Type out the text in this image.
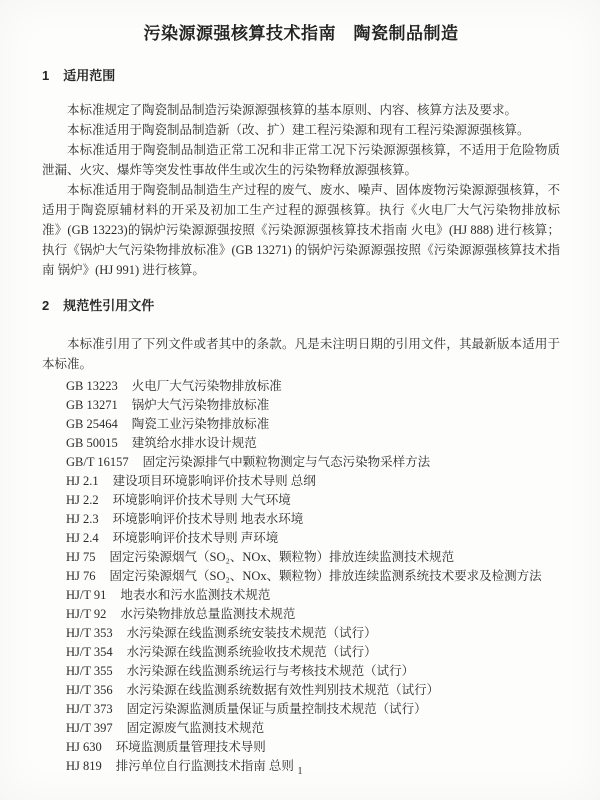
污染源源强核算技术指南　陶瓷制品制造
1 适用范围

本标准规定了陶瓷制品制造污染源源强核算的基本原则、内容、核算方法及要求。

本标准适用于陶瓷制品制造新（改、扩）建工程污染源和现有工程污染源源强核算。

本标准适用于陶瓷制品制造正常工况和非正常工况下污染源源强核算，不适用于危险物质泄漏、火灾、爆炸等突发性事故伴生或次生的污染物释放源强核算。

本标准适用于陶瓷制品制造生产过程的废气、废水、噪声、固体废物污染源源强核算，不适用于陶瓷原辅材料的开采及初加工生产过程的源强核算。执行《火电厂大气污染物排放标准》(GB 13223)的锅炉污染源源强按照《污染源源强核算技术指南 火电》(HJ 888) 进行核算；执行《锅炉大气污染物排放标准》(GB 13271) 的锅炉污染源源强按照《污染源源强核算技术指南 锅炉》(HJ 991) 进行核算。

2 规范性引用文件

本标准引用了下列文件或者其中的条款。凡是未注明日期的引用文件，其最新版本适用于本标准。

GB 13223 火电厂大气污染物排放标准
GB 13271 锅炉大气污染物排放标准
GB 25464 陶瓷工业污染物排放标准
GB 50015 建筑给水排水设计规范
GB/T 16157 固定污染源排气中颗粒物测定与气态污染物采样方法
HJ 2.1 建设项目环境影响评价技术导则 总纲
HJ 2.2 环境影响评价技术导则 大气环境
HJ 2.3 环境影响评价技术导则 地表水环境
HJ 2.4 环境影响评价技术导则 声环境
HJ 75 固定污染源烟气（SO₂、NOx、颗粒物）排放连续监测技术规范
HJ 76 固定污染源烟气（SO₂、NOx、颗粒物）排放连续监测系统技术要求及检测方法
HJ/T 91 地表水和污水监测技术规范
HJ/T 92 水污染物排放总量监测技术规范
HJ/T 353 水污染源在线监测系统安装技术规范（试行）
HJ/T 354 水污染源在线监测系统验收技术规范（试行）
HJ/T 355 水污染源在线监测系统运行与考核技术规范（试行）
HJ/T 356 水污染源在线监测系统数据有效性判别技术规范（试行）
HJ/T 373 固定污染源监测质量保证与质量控制技术规范（试行）
HJ/T 397 固定源废气监测技术规范
HJ 630 环境监测质量管理技术导则
HJ 819 排污单位自行监测技术指南 总则 1
